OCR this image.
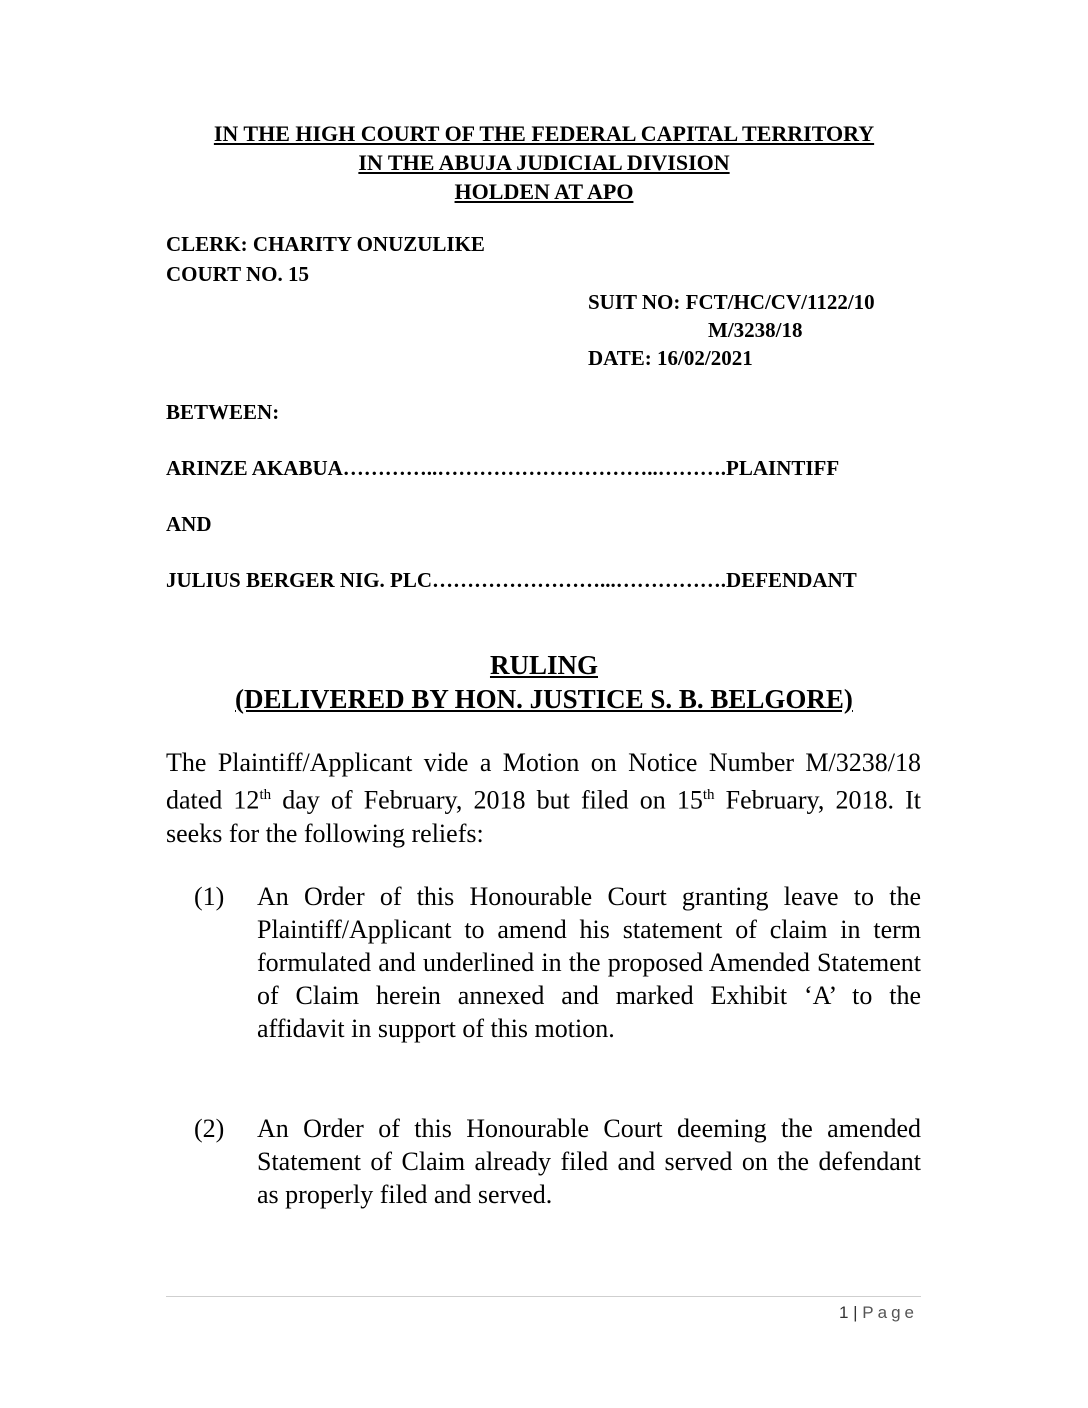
IN THE HIGH COURT OF THE FEDERAL CAPITAL TERRITORY
IN THE ABUJA JUDICIAL DIVISION
HOLDEN AT APO
CLERK: CHARITY ONUZULIKE
COURT NO. 15
SUIT NO: FCT/HC/CV/1122/10
M/3238/18
DATE: 16/02/2021
BETWEEN:
ARINZE AKABUA…………..…………………………..……….PLAINTIFF
AND
JULIUS BERGER NIG. PLC……………………...…………….DEFENDANT
RULING
(DELIVERED BY HON. JUSTICE S. B. BELGORE)
The Plaintiff/Applicant vide a Motion on Notice Number M/3238/18 dated 12th day of February, 2018 but filed on 15th February, 2018. It seeks for the following reliefs:
(1) An Order of this Honourable Court granting leave to the Plaintiff/Applicant to amend his statement of claim in term formulated and underlined in the proposed Amended Statement of Claim herein annexed and marked Exhibit ‘A’ to the affidavit in support of this motion.
(2) An Order of this Honourable Court deeming the amended Statement of Claim already filed and served on the defendant as properly filed and served.
1 | Page
